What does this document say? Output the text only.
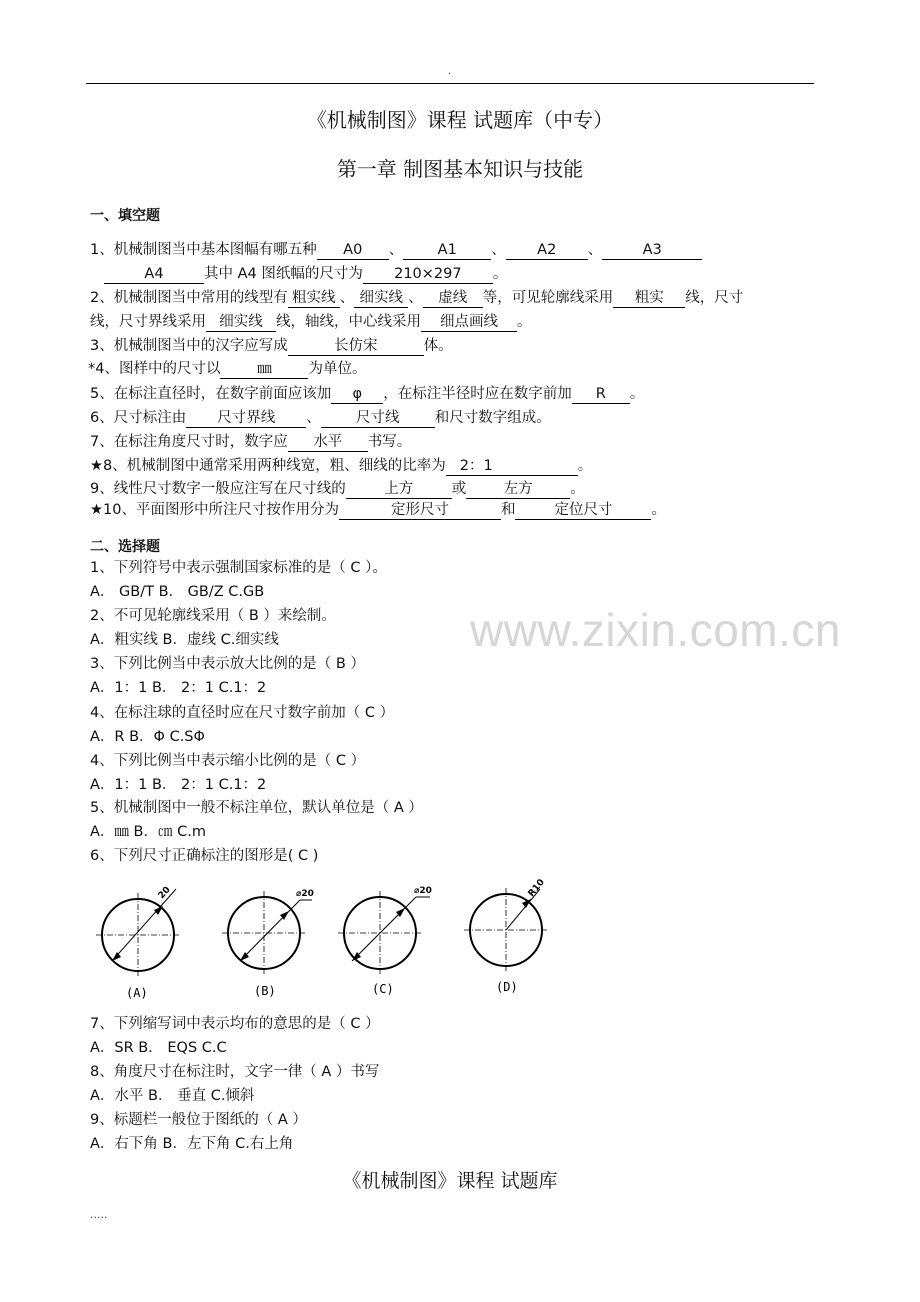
.
《机械制图》课程 试题库（中专）
第一章 制图基本知识与技能
一、填空题
1、机械制图当中基本图幅有哪五种 A0 、 A1 、 A2 、	A3
A4	其中 A4 图纸幅的尺寸为 210×297 。
2、机械制图当中常用的线型有 粗实线 、 细实线 、 虚线 等，可见轮廓线采用 粗实 线，尺寸
线，尺寸界线采用 细实线 线，轴线，中心线采用 细点画线 。
3、机械制图当中的汉字应写成	长仿宋	体。
*4、图样中的尺寸以	㎜	为单位。
5、在标注直径时，在数字前面应该加 φ ，在标注半径时应在数字前加 R 。
6、尺寸标注由 尺寸界线 、 尺寸线 和尺寸数字组成。
7、在标注角度尺寸时，数字应 水平 书写。
★8、机械制图中通常采用两种线宽，粗、细线的比率为 2：1	。
9、线性尺寸数字一般应注写在尺寸线的	上方	或	左方	。
★10、平面图形中所注尺寸按作用分为	定形尺寸	和	定位尺寸	。
二、选择题
1、下列符号中表示强制国家标准的是（ C ）。
A． GB/T B． GB/Z C.GB
2、不可见轮廓线采用（ B ）来绘制。
A．粗实线 B．虚线 C.细实线
3、下列比例当中表示放大比例的是（ B ）
A．1：1 B． 2：1 C.1：2
4、在标注球的直径时应在尺寸数字前加（ C ）
A．R B．Φ C.SΦ
4、下列比例当中表示缩小比例的是（ C ）
A．1：1 B． 2：1 C.1：2
5、机械制图中一般不标注单位，默认单位是（ A ）
A．㎜ B．㎝ C.m
6、下列尺寸正确标注的图形是( C )
20	⌀20	⌀20	R10
(A)	(B)	(C)	(D)
7、下列缩写词中表示均布的意思的是（ C ）
A．SR B． EQS C.C
8、角度尺寸在标注时，文字一律（ A ）书写
A．水平 B． 垂直 C.倾斜
9、标题栏一般位于图纸的（ A ）
A．右下角 B．左下角 C.右上角
www.zixin.com.cn
《机械制图》课程 试题库
.....
